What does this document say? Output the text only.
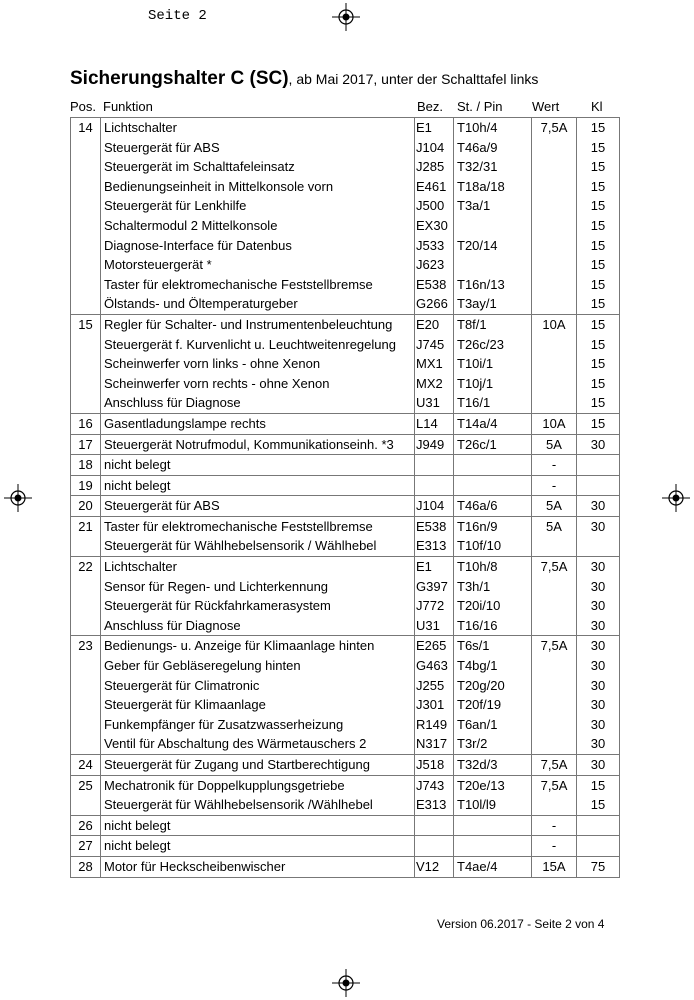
Seite 2
Sicherungshalter C (SC), ab Mai 2017, unter der Schalttafel links
Pos. Funktion	Bez. St. / Pin Wert Kl
14	Lichtschalter	E1	T10h/4	7,5A	15
	Steuergerät für ABS	J104	T46a/9		15
	Steuergerät im Schalttafeleinsatz	J285	T32/31		15
	Bedienungseinheit in Mittelkonsole vorn	E461	T18a/18		15
	Steuergerät für Lenkhilfe	J500	T3a/1		15
	Schaltermodul 2 Mittelkonsole	EX30			15
	Diagnose-Interface für Datenbus	J533	T20/14		15
	Motorsteuergerät *	J623			15
	Taster für elektromechanische Feststellbremse	E538	T16n/13		15
	Ölstands- und Öltemperaturgeber	G266	T3ay/1		15
15	Regler für Schalter- und Instrumentenbeleuchtung	E20	T8f/1	10A	15
	Steuergerät f. Kurvenlicht u. Leuchtweitenregelung	J745	T26c/23		15
	Scheinwerfer vorn links - ohne Xenon	MX1	T10i/1		15
	Scheinwerfer vorn rechts - ohne Xenon	MX2	T10j/1		15
	Anschluss für Diagnose	U31	T16/1		15
16	Gasentladungslampe rechts	L14	T14a/4	10A	15
17	Steuergerät Notrufmodul, Kommunikationseinh. *3	J949	T26c/1	5A	30
18	nicht belegt			-	
19	nicht belegt			-	
20	Steuergerät für ABS	J104	T46a/6	5A	30
21	Taster für elektromechanische Feststellbremse	E538	T16n/9	5A	30
	Steuergerät für Wählhebelsensorik / Wählhebel	E313	T10f/10		
22	Lichtschalter	E1	T10h/8	7,5A	30
	Sensor für Regen- und Lichterkennung	G397	T3h/1		30
	Steuergerät für Rückfahrkamerasystem	J772	T20i/10		30
	Anschluss für Diagnose	U31	T16/16		30
23	Bedienungs- u. Anzeige für Klimaanlage hinten	E265	T6s/1	7,5A	30
	Geber für Gebläseregelung hinten	G463	T4bg/1		30
	Steuergerät für Climatronic	J255	T20g/20		30
	Steuergerät für Klimaanlage	J301	T20f/19		30
	Funkempfänger für Zusatzwasserheizung	R149	T6an/1		30
	Ventil für Abschaltung des Wärmetauschers 2	N317	T3r/2		30
24	Steuergerät für Zugang und Startberechtigung	J518	T32d/3	7,5A	30
25	Mechatronik für Doppelkupplungsgetriebe	J743	T20e/13	7,5A	15
	Steuergerät für Wählhebelsensorik /Wählhebel	E313	T10l/l9		15
26	nicht belegt			-	
27	nicht belegt			-	
28	Motor für Heckscheibenwischer	V12	T4ae/4	15A	75
Version 06.2017 - Seite 2 von 4
